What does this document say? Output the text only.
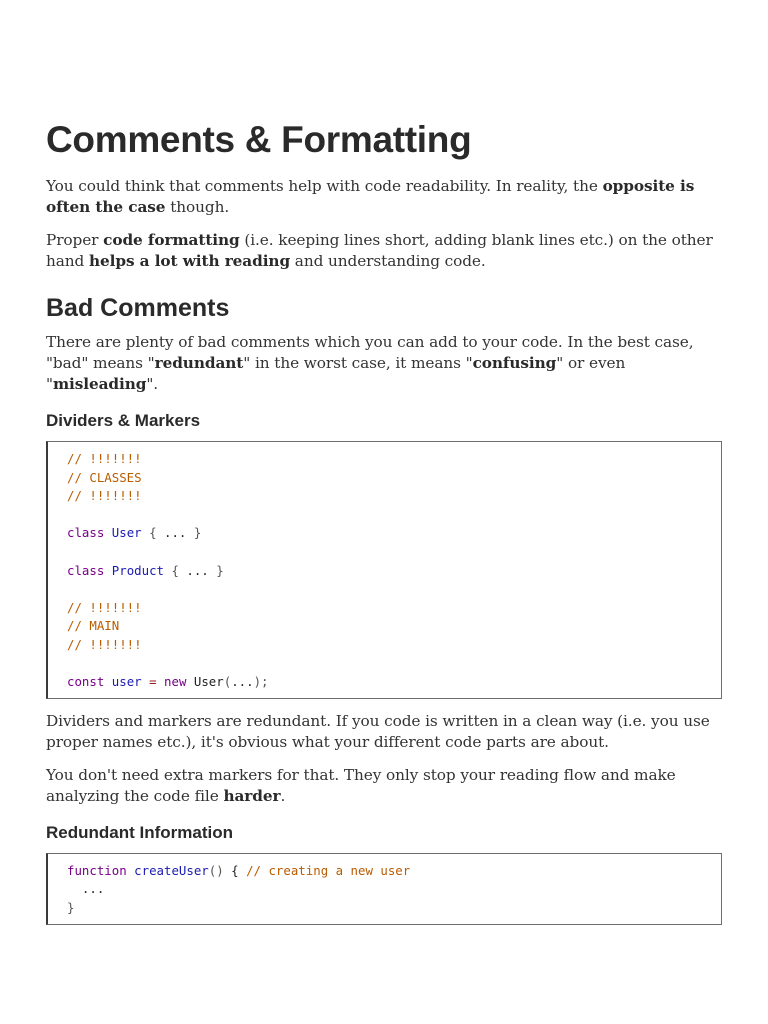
Comments & Formatting

You could think that comments help with code readability. In reality, the opposite is often the case though.

Proper code formatting (i.e. keeping lines short, adding blank lines etc.) on the other hand helps a lot with reading and understanding code.

Bad Comments

There are plenty of bad comments which you can add to your code. In the best case, "bad" means "redundant" in the worst case, it means "confusing" or even "misleading".

Dividers & Markers
// !!!!!!!
// CLASSES
// !!!!!!!
class User { ... }
class Product { ... }
// !!!!!!!
// MAIN
// !!!!!!!
const user = new User(...);

Dividers and markers are redundant. If you code is written in a clean way (i.e. you use proper names etc.), it's obvious what your different code parts are about.

You don't need extra markers for that. They only stop your reading flow and make analyzing the code file harder.

Redundant Information
function createUser() { // creating a new user
...
}
